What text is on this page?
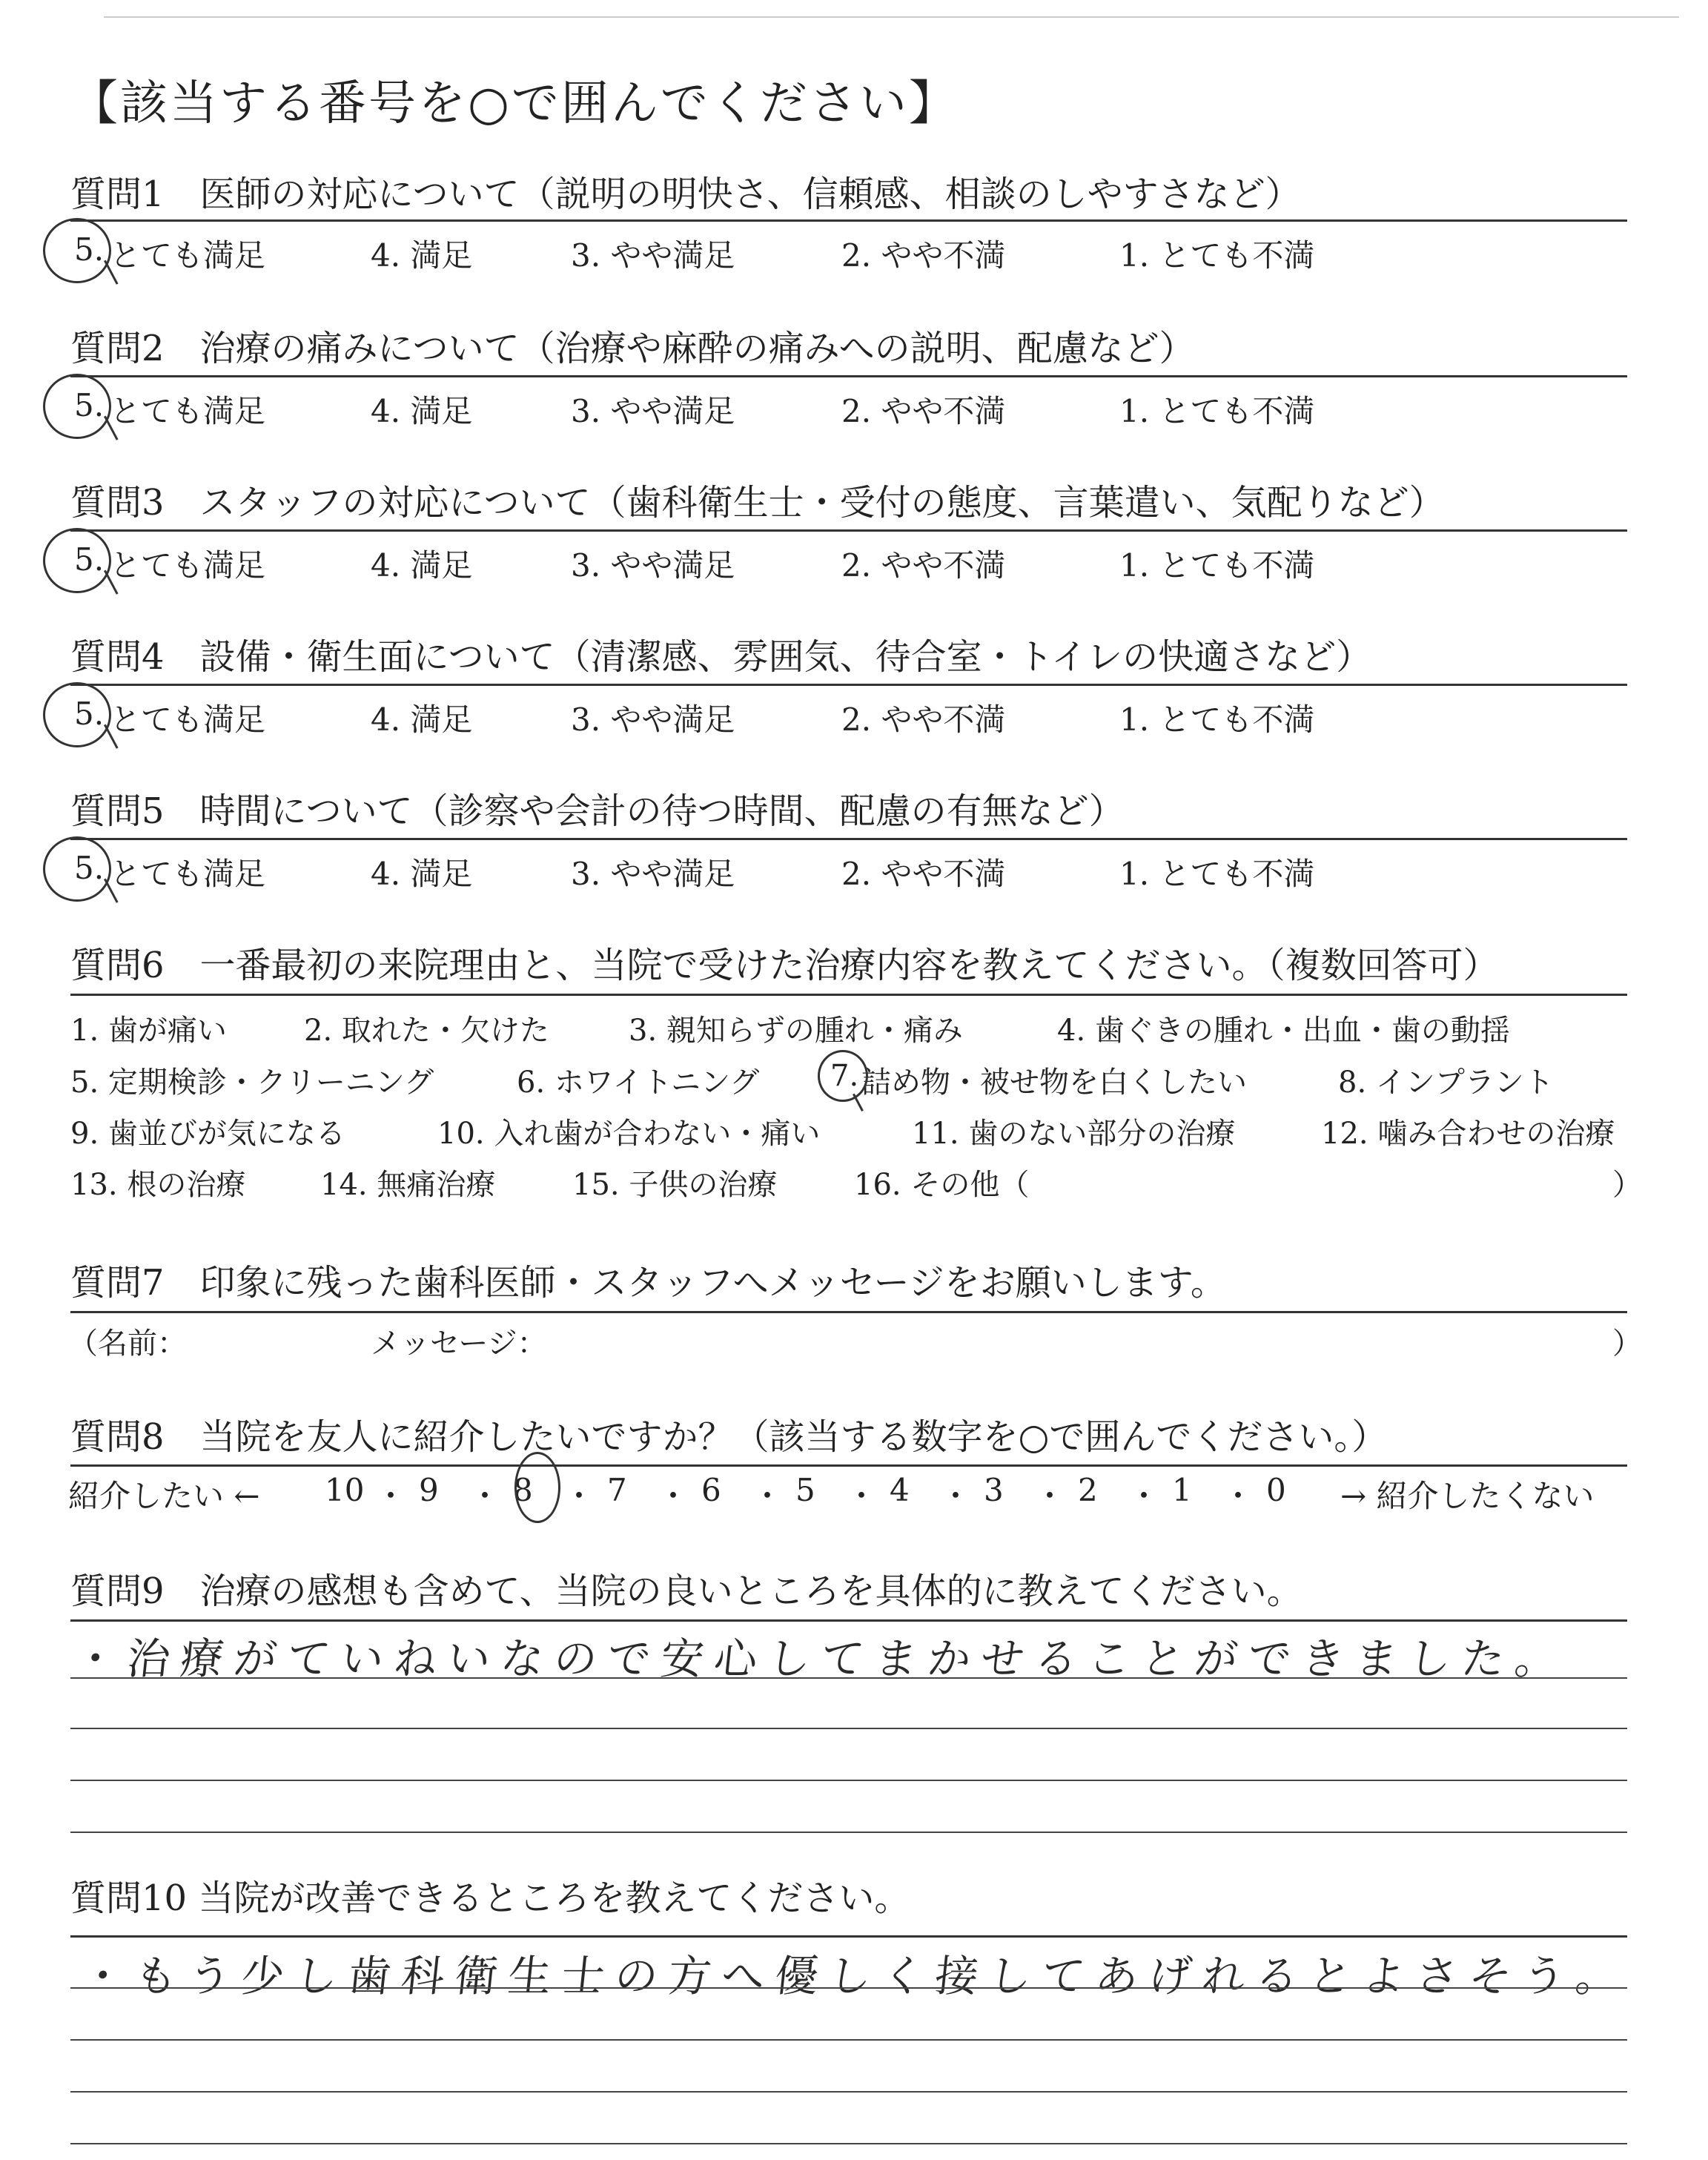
【該当する番号を○で囲んでください】
質問1　医師の対応について（説明の明快さ、信頼感、相談のしやすさなど）
質問2　治療の痛みについて（治療や麻酔の痛みへの説明、配慮など）
質問3　スタッフの対応について（歯科衛生士・受付の態度、言葉遣い、気配りなど）
質問4　設備・衛生面について（清潔感、雰囲気、待合室・トイレの快適さなど）
質問5　時間について（診察や会計の待つ時間、配慮の有無など）
5. とても満足	4. 満足	3. やや満足	2. やや不満	1. とても不満
5. とても満足	4. 満足	3. やや満足	2. やや不満	1. とても不満
5. とても満足	4. 満足	3. やや満足	2. やや不満	1. とても不満
5. とても満足	4. 満足	3. やや満足	2. やや不満	1. とても不満
5. とても満足	4. 満足	3. やや満足	2. やや不満	1. とても不満
質問6　一番最初の来院理由と、当院で受けた治療内容を教えてください。（複数回答可）
1. 歯が痛い	2. 取れた・欠けた	3. 親知らずの腫れ・痛み	4. 歯ぐきの腫れ・出血・歯の動揺
5. 定期検診・クリーニング	6. ホワイトニング 7. 詰め物・被せ物を白くしたい	8. インプラント
9. 歯並びが気になる	10. 入れ歯が合わない・痛い	11. 歯のない部分の治療	12. 噛み合わせの治療
13. 根の治療	14. 無痛治療	15. 子供の治療	16. その他（	）
質問7　印象に残った歯科医師・スタッフへメッセージをお願いします。
（名前：	メッセージ：	）
質問8　当院を友人に紹介したいですか？（該当する数字を○で囲んでください。）
紹介したい ←	→ 紹介したくない
10 ・ 9 ・ 8 ・ 7 ・ 6 ・ 5 ・ 4 ・ 3 ・ 2 ・ 1 ・ 0
質問9　治療の感想も含めて、当院の良いところを具体的に教えてください。
・治療がていねいなので安心してまかせることができました。
質問10 当院が改善できるところを教えてください。
・もう少し歯科衛生士の方へ優しく接してあげれるとよさそう。
